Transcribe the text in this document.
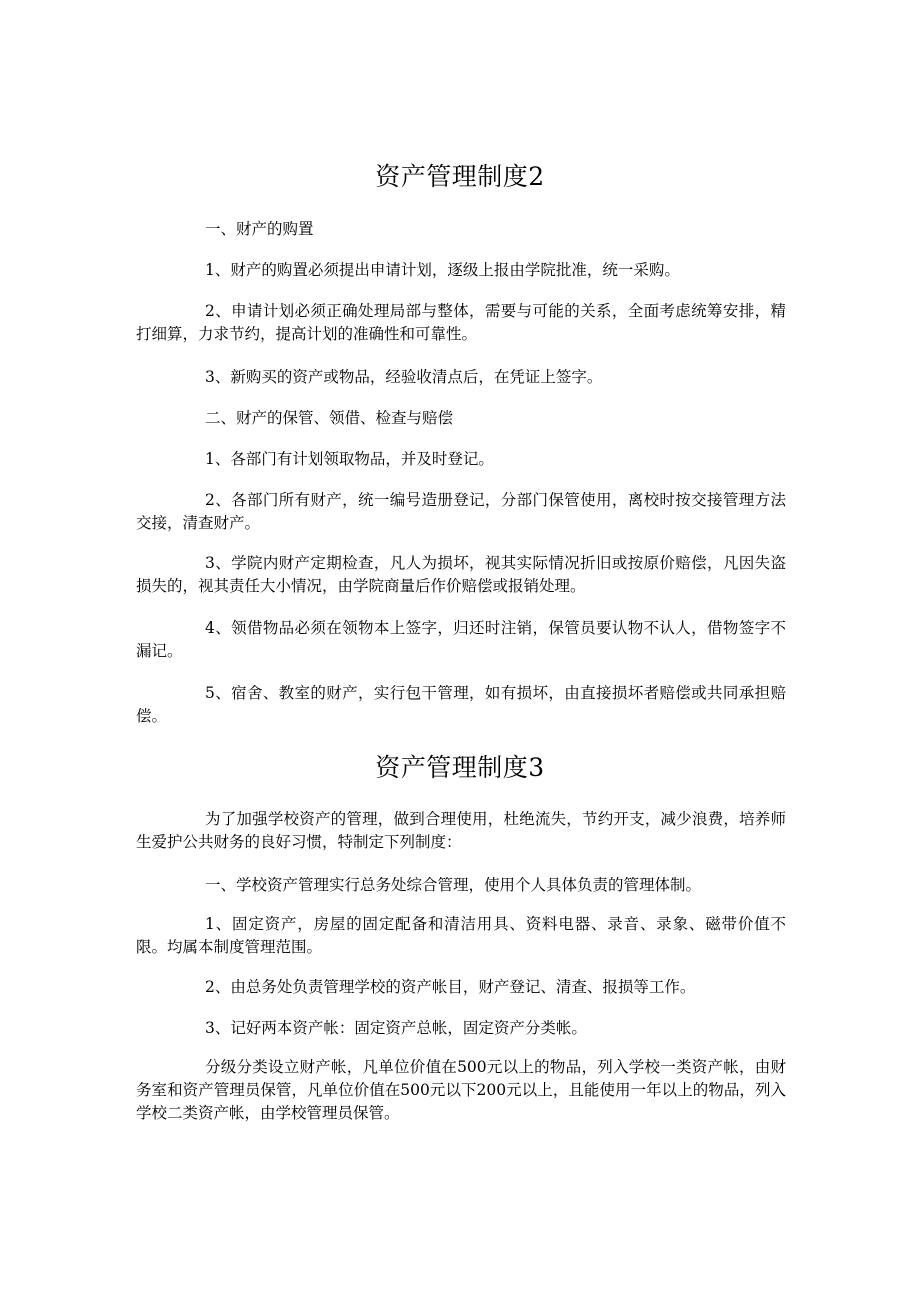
资产管理制度2
一、财产的购置
1、财产的购置必须提出申请计划，逐级上报由学院批准，统一采购。
2、申请计划必须正确处理局部与整体，需要与可能的关系，全面考虑统筹安排，精打细算，力求节约，提高计划的准确性和可靠性。
3、新购买的资产或物品，经验收清点后，在凭证上签字。
二、财产的保管、领借、检查与赔偿
1、各部门有计划领取物品，并及时登记。
2、各部门所有财产，统一编号造册登记，分部门保管使用，离校时按交接管理方法交接，清查财产。
3、学院内财产定期检查，凡人为损坏，视其实际情况折旧或按原价赔偿，凡因失盗损失的，视其责任大小情况，由学院商量后作价赔偿或报销处理。
4、领借物品必须在领物本上签字，归还时注销，保管员要认物不认人，借物签字不漏记。
5、宿舍、教室的财产，实行包干管理，如有损坏，由直接损坏者赔偿或共同承担赔偿。
资产管理制度3
为了加强学校资产的管理，做到合理使用，杜绝流失，节约开支，减少浪费，培养师生爱护公共财务的良好习惯，特制定下列制度：
一、学校资产管理实行总务处综合管理，使用个人具体负责的管理体制。
1、固定资产，房屋的固定配备和清洁用具、资料电器、录音、录象、磁带价值不限。均属本制度管理范围。
2、由总务处负责管理学校的资产帐目，财产登记、清查、报损等工作。
3、记好两本资产帐：固定资产总帐，固定资产分类帐。
分级分类设立财产帐，凡单位价值在500元以上的物品，列入学校一类资产帐，由财务室和资产管理员保管，凡单位价值在500元以下200元以上，且能使用一年以上的物品，列入学校二类资产帐，由学校管理员保管。
